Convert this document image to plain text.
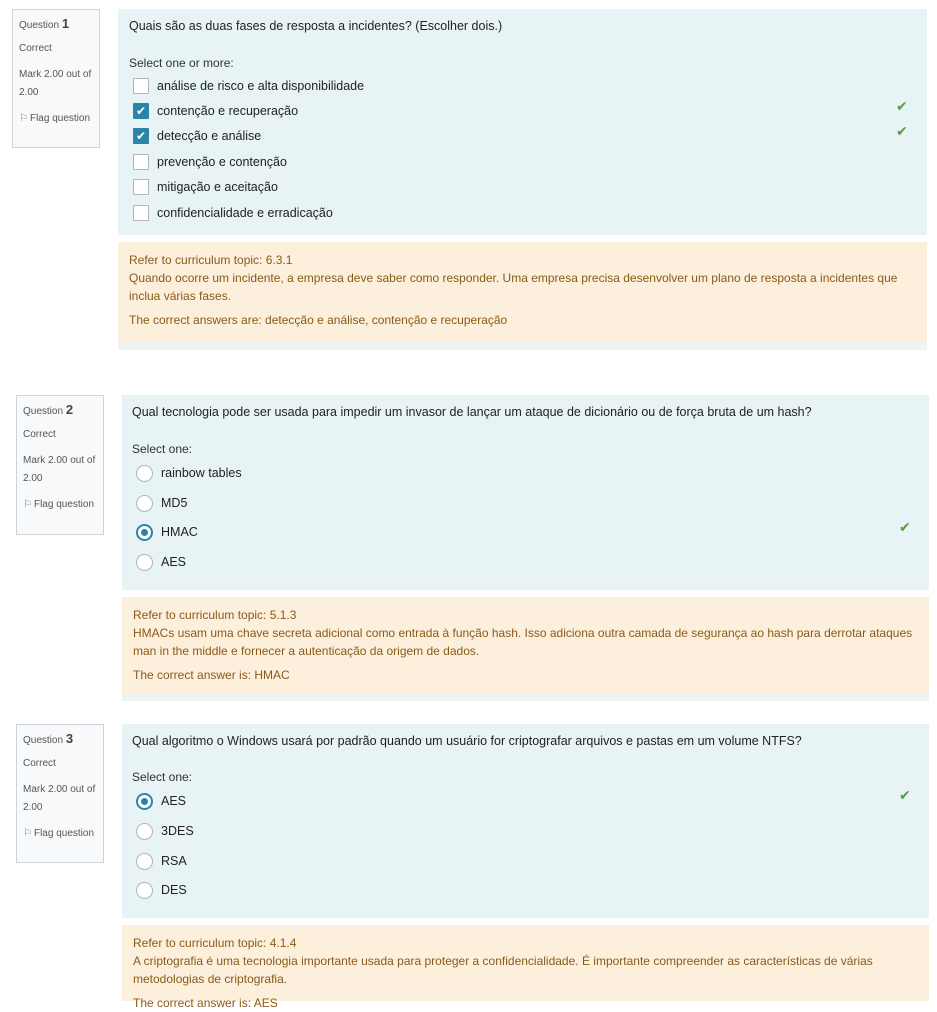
Question 1
Correct
Mark 2.00 out of 2.00
⚐ Flag question
Quais são as duas fases de resposta a incidentes? (Escolher dois.)
Select one or more:
análise de risco e alta disponibilidade
✔ contenção e recuperação
✔ detecção e análise
prevenção e contenção
mitigação e aceitação
confidencialidade e erradicação
✔
✔
Refer to curriculum topic: 6.3.1
Quando ocorre um incidente, a empresa deve saber como responder. Uma empresa precisa desenvolver um plano de resposta a incidentes que inclua várias fases.
The correct answers are: detecção e análise, contenção e recuperação
Question 2
Correct
Mark 2.00 out of 2.00
⚐ Flag question
Qual tecnologia pode ser usada para impedir um invasor de lançar um ataque de dicionário ou de força bruta de um hash?
Select one:
rainbow tables
MD5
HMAC
AES
✔
Refer to curriculum topic: 5.1.3
HMACs usam uma chave secreta adicional como entrada à função hash. Isso adiciona outra camada de segurança ao hash para derrotar ataques man in the middle e fornecer a autenticação da origem de dados.
The correct answer is: HMAC
Question 3
Correct
Mark 2.00 out of 2.00
⚐ Flag question
Qual algoritmo o Windows usará por padrão quando um usuário for criptografar arquivos e pastas em um volume NTFS?
Select one:
AES
3DES
RSA
DES
✔
Refer to curriculum topic: 4.1.4
A criptografia é uma tecnologia importante usada para proteger a confidencialidade. É importante compreender as características de várias metodologias de criptografia.
The correct answer is: AES
